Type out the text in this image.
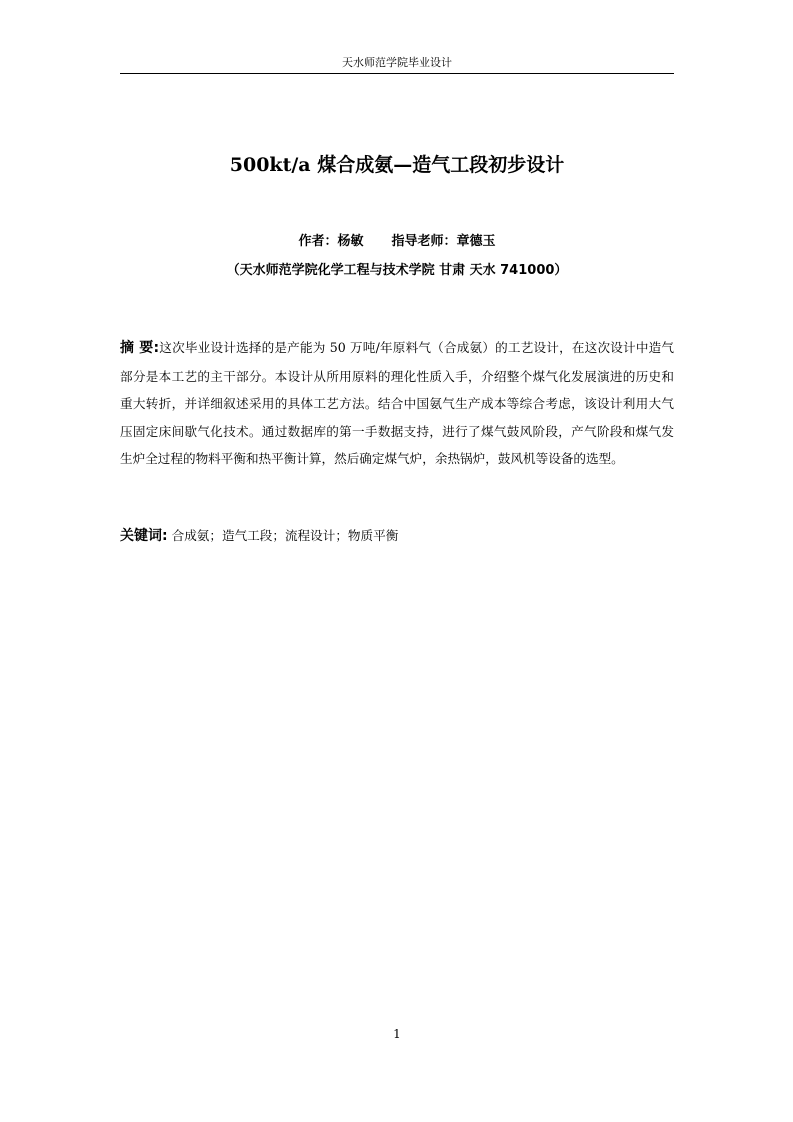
天水师范学院毕业设计
500kt/a 煤合成氨—造气工段初步设计
作者：杨敏 指导老师：章德玉
（天水师范学院化学工程与技术学院 甘肃 天水 741000）
摘 要:这次毕业设计选择的是产能为 50 万吨/年原料气（合成氨）的工艺设计，在这次设计中造气部分是本工艺的主干部分。本设计从所用原料的理化性质入手，介绍整个煤气化发展演进的历史和重大转折，并详细叙述采用的具体工艺方法。结合中国氨气生产成本等综合考虑，该设计利用大气压固定床间歇气化技术。通过数据库的第一手数据支持，进行了煤气鼓风阶段，产气阶段和煤气发生炉全过程的物料平衡和热平衡计算，然后确定煤气炉，余热锅炉，鼓风机等设备的选型。
关键词: 合成氨；造气工段；流程设计；物质平衡
1
